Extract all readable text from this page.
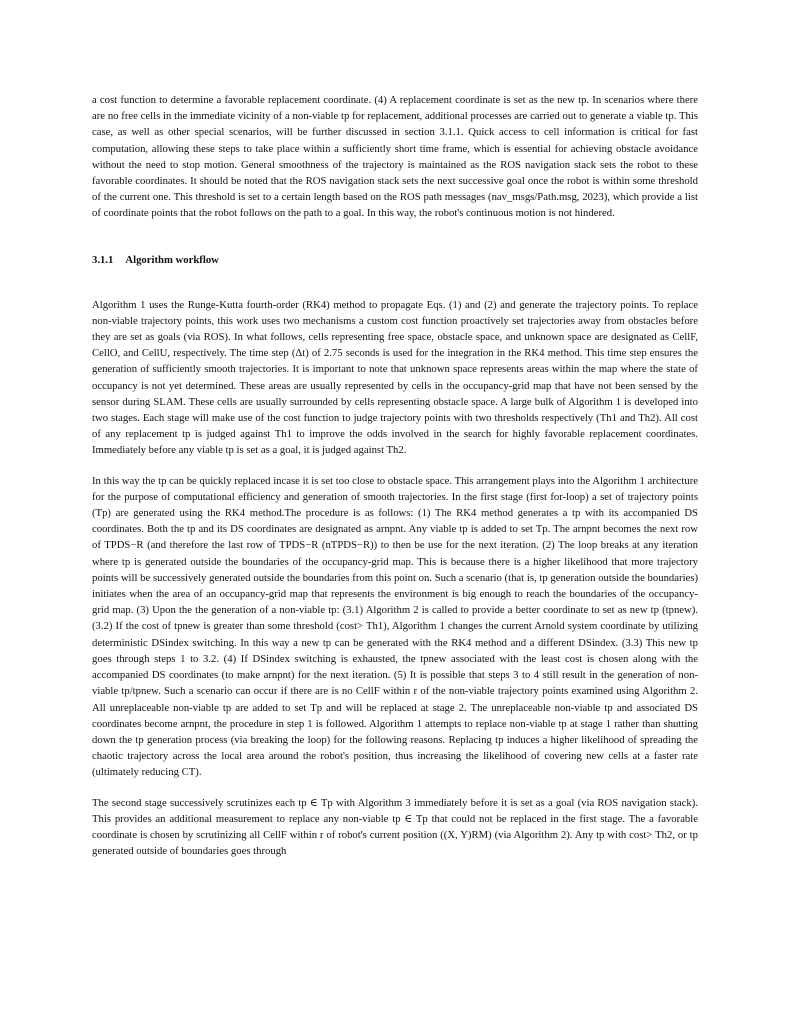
a cost function to determine a favorable replacement coordinate. (4) A replacement coordinate is set as the new tp. In scenarios where there are no free cells in the immediate vicinity of a non-viable tp for replacement, additional processes are carried out to generate a viable tp. This case, as well as other special scenarios, will be further discussed in section 3.1.1. Quick access to cell information is critical for fast computation, allowing these steps to take place within a sufficiently short time frame, which is essential for achieving obstacle avoidance without the need to stop motion. General smoothness of the trajectory is maintained as the ROS navigation stack sets the robot to these favorable coordinates. It should be noted that the ROS navigation stack sets the next successive goal once the robot is within some threshold of the current one. This threshold is set to a certain length based on the ROS path messages (nav_msgs/Path.msg, 2023), which provide a list of coordinate points that the robot follows on the path to a goal. In this way, the robot's continuous motion is not hindered.

3.1.1 Algorithm workflow

Algorithm 1 uses the Runge-Kutta fourth-order (RK4) method to propagate Eqs. (1) and (2) and generate the trajectory points. To replace non-viable trajectory points, this work uses two mechanisms a custom cost function proactively set trajectories away from obstacles before they are set as goals (via ROS). In what follows, cells representing free space, obstacle space, and unknown space are designated as CellF, CellO, and CellU, respectively. The time step (Δt) of 2.75 seconds is used for the integration in the RK4 method. This time step ensures the generation of sufficiently smooth trajectories. It is important to note that unknown space represents areas within the map where the state of occupancy is not yet determined. These areas are usually represented by cells in the occupancy-grid map that have not been sensed by the sensor during SLAM. These cells are usually surrounded by cells representing obstacle space. A large bulk of Algorithm 1 is developed into two stages. Each stage will make use of the cost function to judge trajectory points with two thresholds respectively (Th1 and Th2). All cost of any replacement tp is judged against Th1 to improve the odds involved in the search for highly favorable replacement coordinates. Immediately before any viable tp is set as a goal, it is judged against Th2.

In this way the tp can be quickly replaced incase it is set too close to obstacle space. This arrangement plays into the Algorithm 1 architecture for the purpose of computational efficiency and generation of smooth trajectories. In the first stage (first for-loop) a set of trajectory points (Tp) are generated using the RK4 method.The procedure is as follows: (1) The RK4 method generates a tp with its accompanied DS coordinates. Both the tp and its DS coordinates are designated as arnpnt. Any viable tp is added to set Tp. The arnpnt becomes the next row of TPDS−R (and therefore the last row of TPDS−R (nTPDS−R)) to then be use for the next iteration. (2) The loop breaks at any iteration where tp is generated outside the boundaries of the occupancy-grid map. This is because there is a higher likelihood that more trajectory points will be successively generated outside the boundaries from this point on. Such a scenario (that is, tp generation outside the boundaries) initiates when the area of an occupancy-grid map that represents the environment is big enough to reach the boundaries of the occupancy-grid map. (3) Upon the the generation of a non-viable tp: (3.1) Algorithm 2 is called to provide a better coordinate to set as new tp (tpnew). (3.2) If the cost of tpnew is greater than some threshold (cost> Th1), Algorithm 1 changes the current Arnold system coordinate by utilizing deterministic DSindex switching. In this way a new tp can be generated with the RK4 method and a different DSindex. (3.3) This new tp goes through steps 1 to 3.2. (4) If DSindex switching is exhausted, the tpnew associated with the least cost is chosen along with the accompanied DS coordinates (to make arnpnt) for the next iteration. (5) It is possible that steps 3 to 4 still result in the generation of non-viable tp/tpnew. Such a scenario can occur if there are is no CellF within r of the non-viable trajectory points examined using Algorithm 2. All unreplaceable non-viable tp are added to set Tp and will be replaced at stage 2. The unreplaceable non-viable tp and associated DS coordinates become arnpnt, the procedure in step 1 is followed. Algorithm 1 attempts to replace non-viable tp at stage 1 rather than shutting down the tp generation process (via breaking the loop) for the following reasons. Replacing tp induces a higher likelihood of spreading the chaotic trajectory across the local area around the robot's position, thus increasing the likelihood of covering new cells at a faster rate (ultimately reducing CT).

The second stage successively scrutinizes each tp ∈ Tp with Algorithm 3 immediately before it is set as a goal (via ROS navigation stack). This provides an additional measurement to replace any non-viable tp ∈ Tp that could not be replaced in the first stage. The a favorable coordinate is chosen by scrutinizing all CellF within r of robot's current position ((X, Y)RM) (via Algorithm 2). Any tp with cost> Th2, or tp generated outside of boundaries goes through
